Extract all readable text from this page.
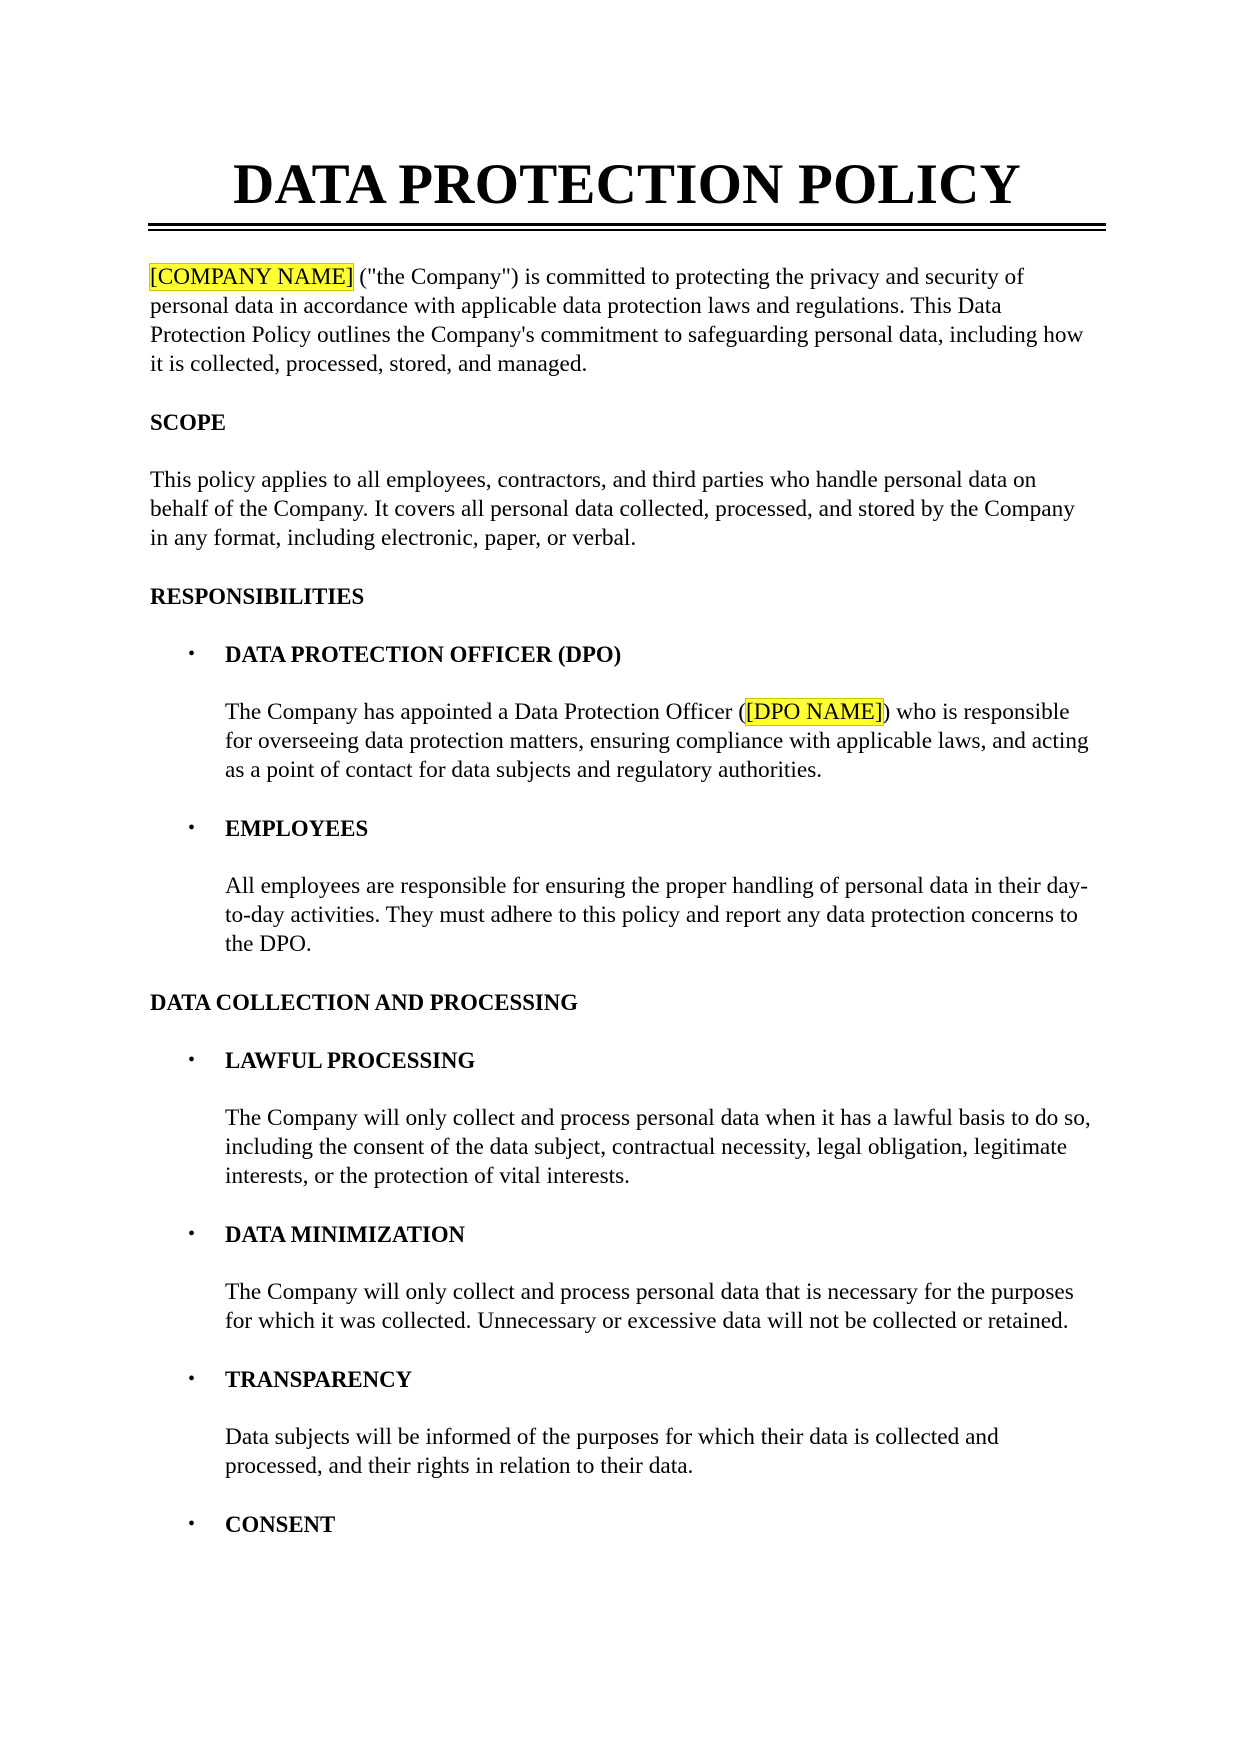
DATA PROTECTION POLICY

[COMPANY NAME] ("the Company") is committed to protecting the privacy and security of personal data in accordance with applicable data protection laws and regulations. This Data Protection Policy outlines the Company's commitment to safeguarding personal data, including how it is collected, processed, stored, and managed.

SCOPE

This policy applies to all employees, contractors, and third parties who handle personal data on behalf of the Company. It covers all personal data collected, processed, and stored by the Company in any format, including electronic, paper, or verbal.

RESPONSIBILITIES

• DATA PROTECTION OFFICER (DPO)

The Company has appointed a Data Protection Officer ([DPO NAME]) who is responsible for overseeing data protection matters, ensuring compliance with applicable laws, and acting as a point of contact for data subjects and regulatory authorities.

• EMPLOYEES

All employees are responsible for ensuring the proper handling of personal data in their day-to-day activities. They must adhere to this policy and report any data protection concerns to the DPO.

DATA COLLECTION AND PROCESSING

• LAWFUL PROCESSING

The Company will only collect and process personal data when it has a lawful basis to do so, including the consent of the data subject, contractual necessity, legal obligation, legitimate interests, or the protection of vital interests.

• DATA MINIMIZATION

The Company will only collect and process personal data that is necessary for the purposes for which it was collected. Unnecessary or excessive data will not be collected or retained.

• TRANSPARENCY

Data subjects will be informed of the purposes for which their data is collected and processed, and their rights in relation to their data.

• CONSENT
